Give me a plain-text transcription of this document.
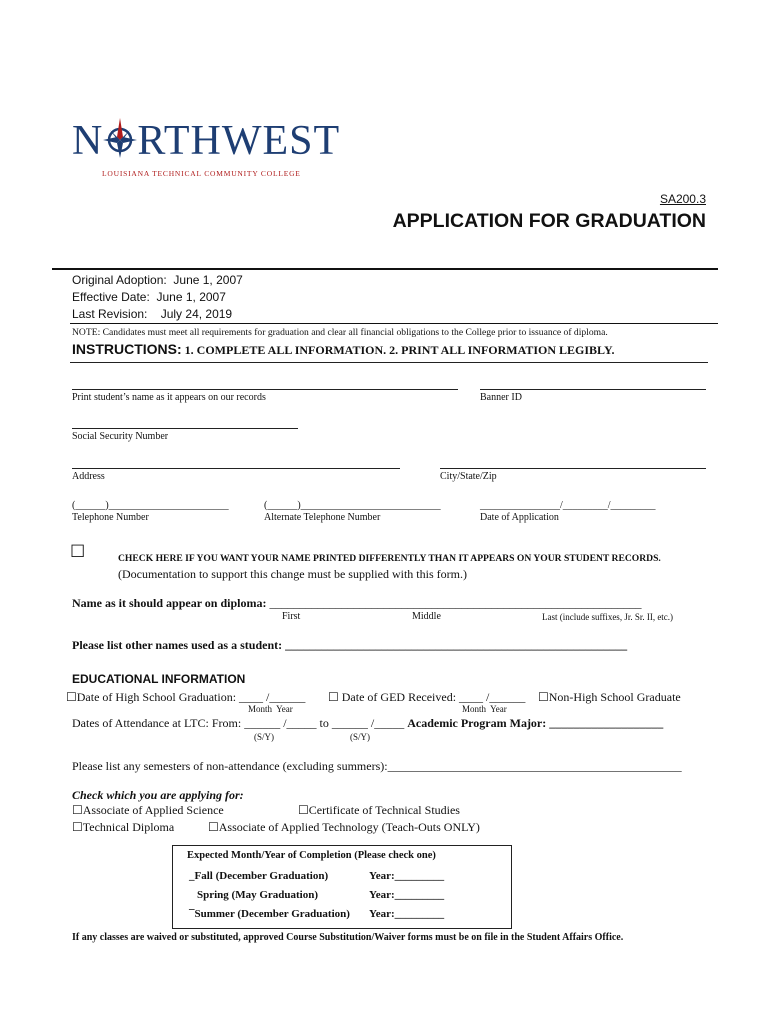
N RTHWEST
LOUISIANA TECHNICAL COMMUNITY COLLEGE
SA200.3
APPLICATION FOR GRADUATION
Original Adoption: June 1, 2007
Effective Date: June 1, 2007
Last Revision: July 24, 2019
NOTE: Candidates must meet all requirements for graduation and clear all financial obligations to the College prior to issuance of diploma.
INSTRUCTIONS: 1. COMPLETE ALL INFORMATION. 2. PRINT ALL INFORMATION LEGIBLY.
Print student’s name as it appears on our records	Banner ID
Social Security Number
Address	City/State/Zip
(______)________________________	(______)____________________________	________________/_________/_________
Telephone Number	Alternate Telephone Number	Date of Application
☐	CHECK HERE IF YOU WANT YOUR NAME PRINTED DIFFERENTLY THAN IT APPEARS ON YOUR STUDENT RECORDS.
(Documentation to support this change must be supplied with this form.)
Name as it should appear on diploma: ______________________________________________________________
First	Middle	Last (include suffixes, Jr. Sr. II, etc.)
Please list other names used as a student: _________________________________________________________
EDUCATIONAL INFORMATION
☐Date of High School Graduation: ____ /______ ☐ Date of GED Received: ____ /______ ☐Non-High School Graduate
Month  Year	Month  Year
Dates of Attendance at LTC: From: ______ /_____ to ______ /_____ Academic Program Major: ___________________
(S/Y)	(S/Y)
Please list any semesters of non-attendance (excluding summers):_________________________________________________
Check which you are applying for:
☐Associate of Applied Science	☐Certificate of Technical Studies
☐Technical Diploma	☐Associate of Applied Technology (Teach-Outs ONLY)
Expected Month/Year of Completion (Please check one)
_Fall (December Graduation)	Year:_________
Spring (May Graduation)	Year:_________
¯Summer (December Graduation) Year:_________
If any classes are waived or substituted, approved Course Substitution/Waiver forms must be on file in the Student Affairs Office.
